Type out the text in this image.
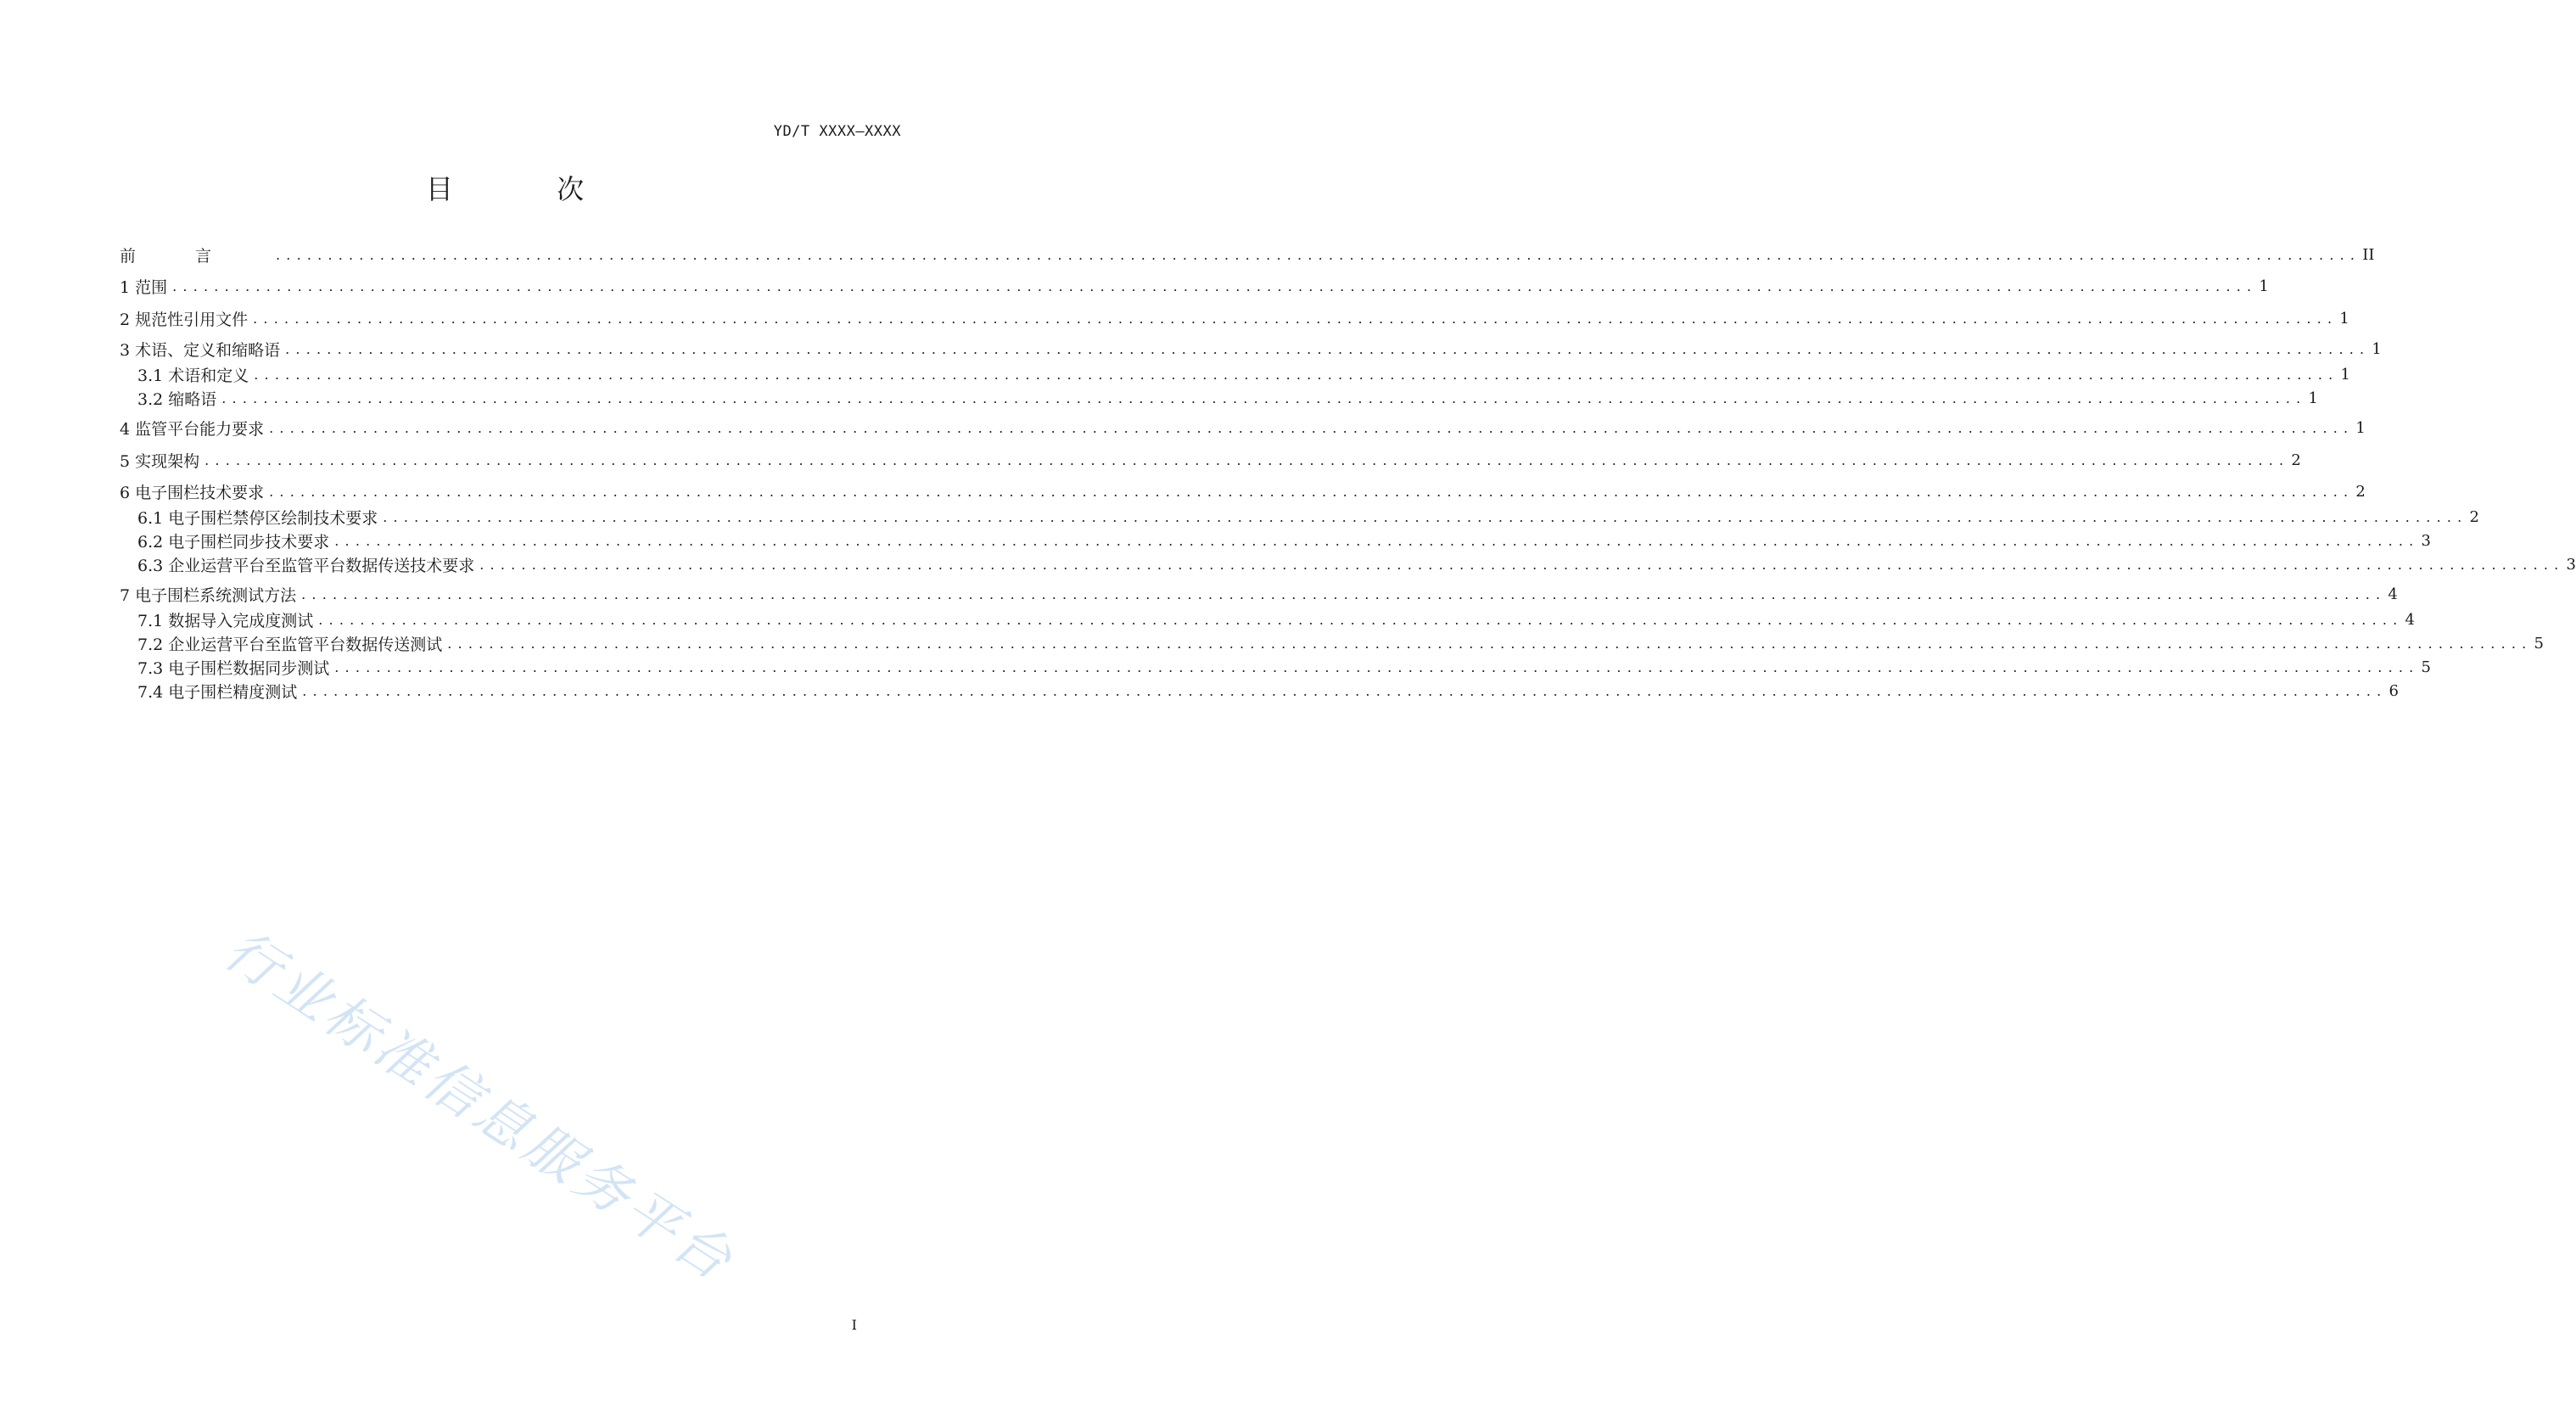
YD/T XXXX—XXXX
目 次
前言 ........................................................................................................................................................................................................ II
1 范围 ........................................................................................................................................................................................................ 1
2 规范性引用文件 ........................................................................................................................................................................................................ 1
3 术语、定义和缩略语 ........................................................................................................................................................................................................ 1
3.1 术语和定义 ........................................................................................................................................................................................................ 1
3.2 缩略语 ........................................................................................................................................................................................................ 1
4 监管平台能力要求 ........................................................................................................................................................................................................ 1
5 实现架构 ........................................................................................................................................................................................................ 2
6 电子围栏技术要求 ........................................................................................................................................................................................................ 2
6.1 电子围栏禁停区绘制技术要求 ........................................................................................................................................................................................................ 2
6.2 电子围栏同步技术要求 ........................................................................................................................................................................................................ 3
6.3 企业运营平台至监管平台数据传送技术要求 ........................................................................................................................................................................................................ 3
7 电子围栏系统测试方法 ........................................................................................................................................................................................................ 4
7.1 数据导入完成度测试 ........................................................................................................................................................................................................ 4
7.2 企业运营平台至监管平台数据传送测试 ........................................................................................................................................................................................................ 5
7.3 电子围栏数据同步测试 ........................................................................................................................................................................................................ 5
7.4 电子围栏精度测试 ........................................................................................................................................................................................................ 6
行业标准信息服务平台
I
